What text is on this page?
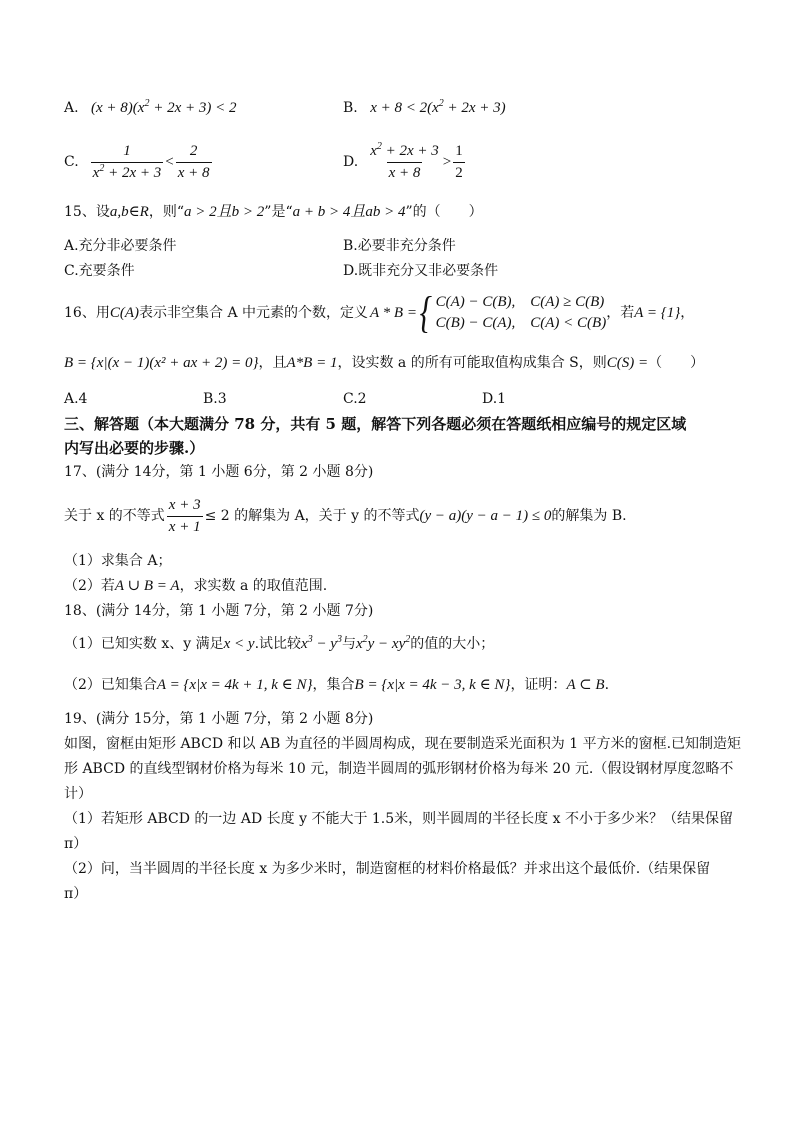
A. $(x + 8)(x^2 + 2x + 3) < 2$	B. $x + 8 < 2(x^2 + 2x + 3)$
C. $\frac{1}{x^2 + 2x + 3} < \frac{2}{x + 8}$	D. $\frac{x^2 + 2x + 3}{x + 8} > \frac{1}{2}$
15、设a,b∈R，则“a > 2且b > 2”是“a + b > 4且ab > 4”的（　　）
A.充分非必要条件	B.必要非充分条件
C.充要条件	D.既非充分又非必要条件
16、用 C(A) 表示非空集合 A 中元素的个数，定义 A * B = { C(A) − C(B),　C(A) ≥ C(B)
C(B) − C(A),　C(A) < C(B)
，若 A = {1} ，
B = {x|(x − 1)(x² + ax + 2) = 0}，且A*B = 1，设实数 a 的所有可能取值构成集合 S，则C(S) =（　　）
A.4	B.3	C.2	D.1
三、解答题（本大题满分 78 分，共有 5 题，解答下列各题必须在答题纸相应编号的规定区域
内写出必要的步骤.）
17、(满分 14分，第 1 小题 6分，第 2 小题 8分)
关于 x 的不等式 $\frac{x + 3}{x + 1} \le 2$ 的解集为 A，关于 y 的不等式 (y − a)(y − a − 1) ≤ 0 的解集为 B.
（1）求集合 A；
（2）若A ∪ B = A，求实数 a 的取值范围.
18、(满分 14分，第 1 小题 7分，第 2 小题 7分)
（1）已知实数 x、y 满足x < y.试比较$x^3 - y^3$与$x^2y - xy^2$的值的大小；
（2）已知集合A = {x|x = 4k + 1, k ∈ N}，集合B = {x|x = 4k − 3, k ∈ N}，证明：A ⊂ B.
19、(满分 15分，第 1 小题 7分，第 2 小题 8分)
如图，窗框由矩形 ABCD 和以 AB 为直径的半圆周构成，现在要制造采光面积为 1 平方米的窗框.已知制造矩
形 ABCD 的直线型钢材价格为每米 10 元，制造半圆周的弧形钢材价格为每米 20 元.（假设钢材厚度忽略不
计）
（1）若矩形 ABCD 的一边 AD 长度 y 不能大于 1.5米，则半圆周的半径长度 x 不小于多少米？（结果保留
π）
（2）问，当半圆周的半径长度 x 为多少米时，制造窗框的材料价格最低？并求出这个最低价.（结果保留
π）
